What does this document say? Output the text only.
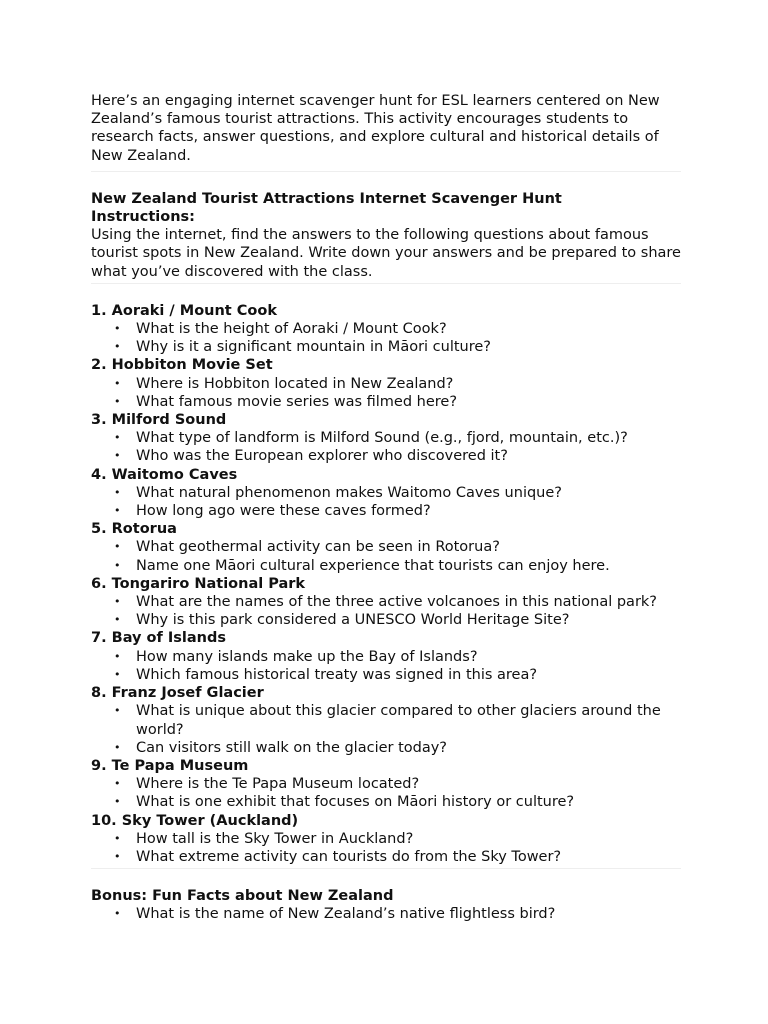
Here’s an engaging internet scavenger hunt for ESL learners centered on New Zealand’s famous tourist attractions. This activity encourages students to research facts, answer questions, and explore cultural and historical details of New Zealand.

New Zealand Tourist Attractions Internet Scavenger Hunt

Instructions:

Using the internet, find the answers to the following questions about famous tourist spots in New Zealand. Write down your answers and be prepared to share what you’ve discovered with the class.

1. Aoraki / Mount Cook

• What is the height of Aoraki / Mount Cook?
• Why is it a significant mountain in Māori culture?

2. Hobbiton Movie Set

• Where is Hobbiton located in New Zealand?
• What famous movie series was filmed here?

3. Milford Sound

• What type of landform is Milford Sound (e.g., fjord, mountain, etc.)?
• Who was the European explorer who discovered it?

4. Waitomo Caves

• What natural phenomenon makes Waitomo Caves unique?
• How long ago were these caves formed?

5. Rotorua

• What geothermal activity can be seen in Rotorua?
• Name one Māori cultural experience that tourists can enjoy here.

6. Tongariro National Park

• What are the names of the three active volcanoes in this national park?
• Why is this park considered a UNESCO World Heritage Site?

7. Bay of Islands

• How many islands make up the Bay of Islands?
• Which famous historical treaty was signed in this area?

8. Franz Josef Glacier

• What is unique about this glacier compared to other glaciers around the world?
• Can visitors still walk on the glacier today?

9. Te Papa Museum

• Where is the Te Papa Museum located?
• What is one exhibit that focuses on Māori history or culture?

10. Sky Tower (Auckland)

• How tall is the Sky Tower in Auckland?
• What extreme activity can tourists do from the Sky Tower?

Bonus: Fun Facts about New Zealand

• What is the name of New Zealand’s native flightless bird?
